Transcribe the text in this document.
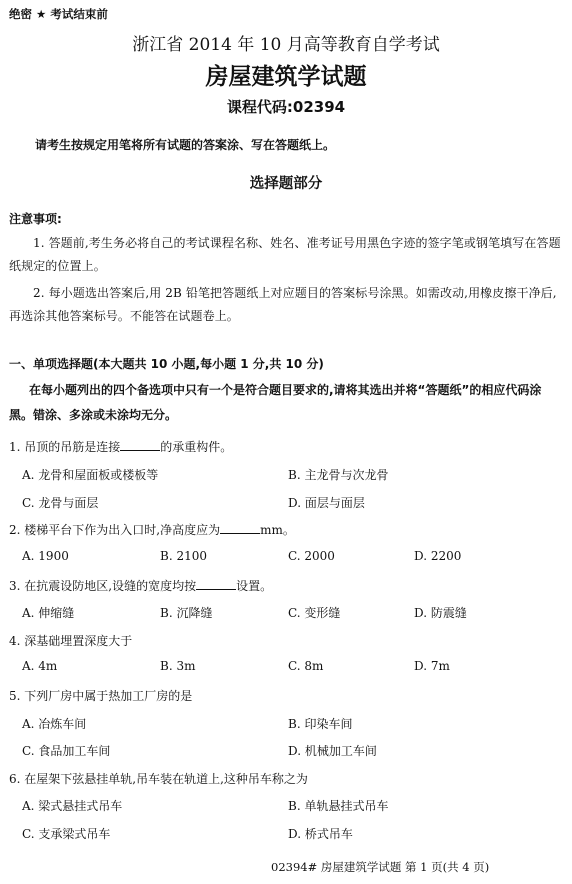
绝密 ★ 考试结束前
浙江省 2014 年 10 月高等教育自学考试
房屋建筑学试题
课程代码:02394
请考生按规定用笔将所有试题的答案涂、写在答题纸上。
选择题部分
注意事项:
1. 答题前,考生务必将自己的考试课程名称、姓名、准考证号用黑色字迹的签字笔或钢笔填写在答题纸规定的位置上。
2. 每小题选出答案后,用 2B 铅笔把答题纸上对应题目的答案标号涂黑。如需改动,用橡皮擦干净后,再选涂其他答案标号。不能答在试题卷上。
一、单项选择题(本大题共 10 小题,每小题 1 分,共 10 分)
在每小题列出的四个备选项中只有一个是符合题目要求的,请将其选出并将“答题纸”的相应代码涂黑。错涂、多涂或未涂均无分。
1. 吊顶的吊筋是连接	的承重构件。
A. 龙骨和屋面板或楼板等	B. 主龙骨与次龙骨
C. 龙骨与面层	D. 面层与面层
2. 楼梯平台下作为出入口时,净高度应为	mm。
A. 1900	B. 2100	C. 2000	D. 2200
3. 在抗震设防地区,设缝的宽度均按	设置。
A. 伸缩缝	B. 沉降缝	C. 变形缝	D. 防震缝
4. 深基础埋置深度大于
A. 4m	B. 3m	C. 8m	D. 7m
5. 下列厂房中属于热加工厂房的是
A. 冶炼车间	B. 印染车间
C. 食品加工车间	D. 机械加工车间
6. 在屋架下弦悬挂单轨,吊车装在轨道上,这种吊车称之为
A. 梁式悬挂式吊车	B. 单轨悬挂式吊车
C. 支承梁式吊车	D. 桥式吊车
02394# 房屋建筑学试题 第 1 页(共 4 页)
